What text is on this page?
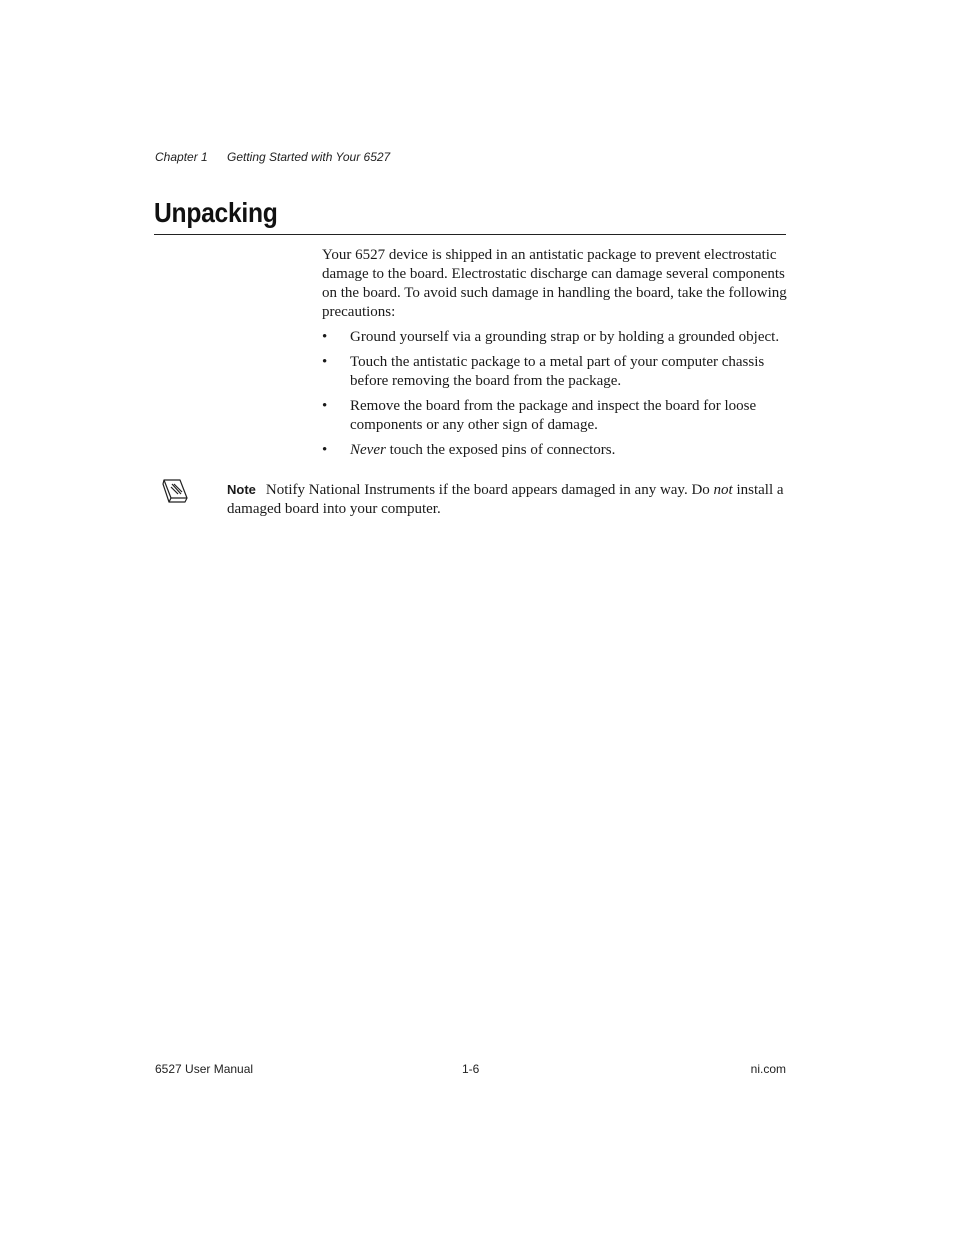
Chapter 1 Getting Started with Your 6527
Unpacking

Your 6527 device is shipped in an antistatic package to prevent electrostatic damage to the board. Electrostatic discharge can damage several components on the board. To avoid such damage in handling the board, take the following precautions:

• Ground yourself via a grounding strap or by holding a grounded object.
• Touch the antistatic package to a metal part of your computer chassis before removing the board from the package.
• Remove the board from the package and inspect the board for loose components or any other sign of damage.
• Never touch the exposed pins of connectors.
Note Notify National Instruments if the board appears damaged in any way. Do not install a damaged board into your computer.
6527 User Manual	1-6	ni.com
